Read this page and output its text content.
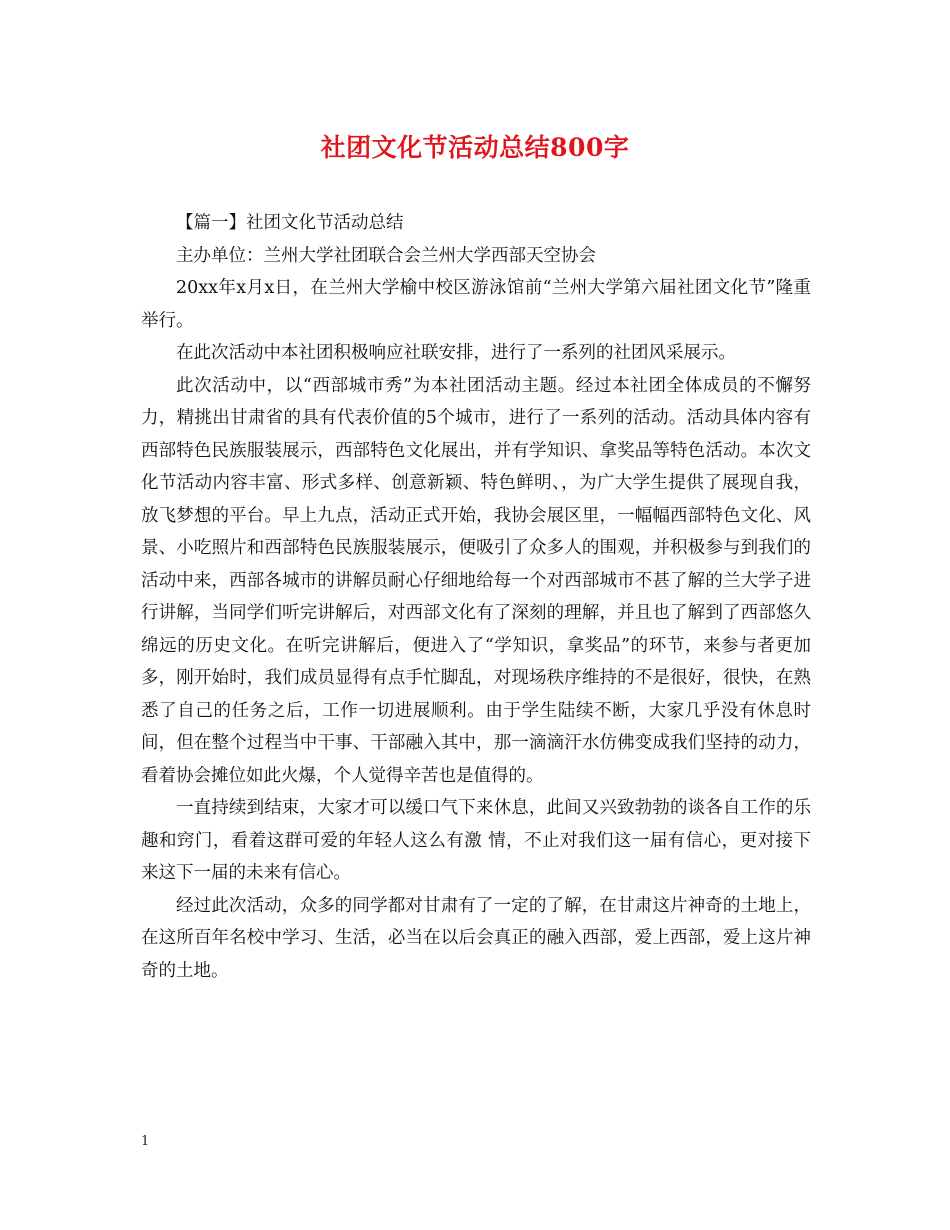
社团文化节活动总结800字

【篇一】社团文化节活动总结

主办单位：兰州大学社团联合会兰州大学西部天空协会

20xx年x月x日，在兰州大学榆中校区游泳馆前“兰州大学第六届社团文化节”隆重举行。

在此次活动中本社团积极响应社联安排，进行了一系列的社团风采展示。

此次活动中，以“西部城市秀”为本社团活动主题。经过本社团全体成员的不懈努力，精挑出甘肃省的具有代表价值的5个城市，进行了一系列的活动。活动具体内容有西部特色民族服装展示，西部特色文化展出，并有学知识、拿奖品等特色活动。本次文化节活动内容丰富、形式多样、创意新颖、特色鲜明、，为广大学生提供了展现自我，放飞梦想的平台。早上九点，活动正式开始，我协会展区里，一幅幅西部特色文化、风景、小吃照片和西部特色民族服装展示，便吸引了众多人的围观，并积极参与到我们的活动中来，西部各城市的讲解员耐心仔细地给每一个对西部城市不甚了解的兰大学子进行讲解，当同学们听完讲解后，对西部文化有了深刻的理解，并且也了解到了西部悠久绵远的历史文化。在听完讲解后，便进入了“学知识，拿奖品”的环节，来参与者更加多，刚开始时，我们成员显得有点手忙脚乱，对现场秩序维持的不是很好，很快，在熟悉了自己的任务之后，工作一切进展顺利。由于学生陆续不断，大家几乎没有休息时间，但在整个过程当中干事、干部融入其中，那一滴滴汗水仿佛变成我们坚持的动力，看着协会摊位如此火爆，个人觉得辛苦也是值得的。

一直持续到结束，大家才可以缓口气下来休息，此间又兴致勃勃的谈各自工作的乐趣和窍门，看着这群可爱的年轻人这么有激 情，不止对我们这一届有信心，更对接下来这下一届的未来有信心。

经过此次活动，众多的同学都对甘肃有了一定的了解，在甘肃这片神奇的土地上，在这所百年名校中学习、生活，必当在以后会真正的融入西部，爱上西部，爱上这片神奇的土地。

1
